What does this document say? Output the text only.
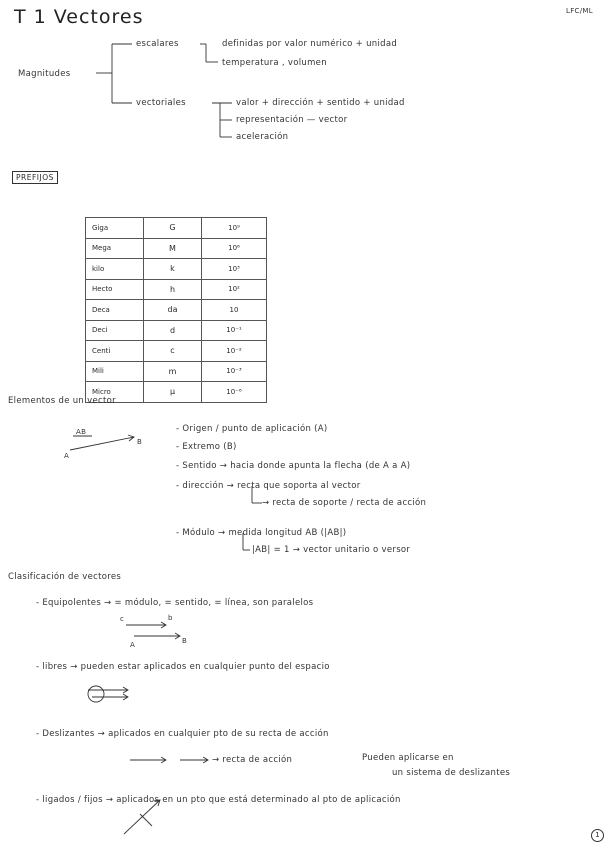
T 1 Vectores	LFC/ML
Magnitudes
escalares	definidas por valor numérico + unidad
temperatura , volumen
vectoriales	valor + dirección + sentido + unidad
representación — vector
aceleración
PREFIJOS
Giga	G	10⁹
Mega	M	10⁶
kilo	k	10³
Hecto	h	10²
Deca	da	10
Deci	d	10⁻¹
Centi	c	10⁻²
Mili	m	10⁻³
Micro	μ	10⁻⁶
Elementos de un vector
AB
A
B
- Origen / punto de aplicación (A)
- Extremo (B)
- Sentido → hacia donde apunta la flecha (de A a A)
- dirección → recta que soporta al vector
→ recta de soporte / recta de acción
- Módulo → medida longitud AB (|AB|)
|AB| = 1 → vector unitario o versor
Clasificación de vectores
- Equipolentes → = módulo, = sentido, = línea, son paralelos
c	b
A	B
- libres → pueden estar aplicados en cualquier punto del espacio
- Deslizantes → aplicados en cualquier pto de su recta de acción
→ recta de acción	Pueden aplicarse en
un sistema de deslizantes
- ligados / fijos → aplicados en un pto que está determinado al pto de aplicación
1
